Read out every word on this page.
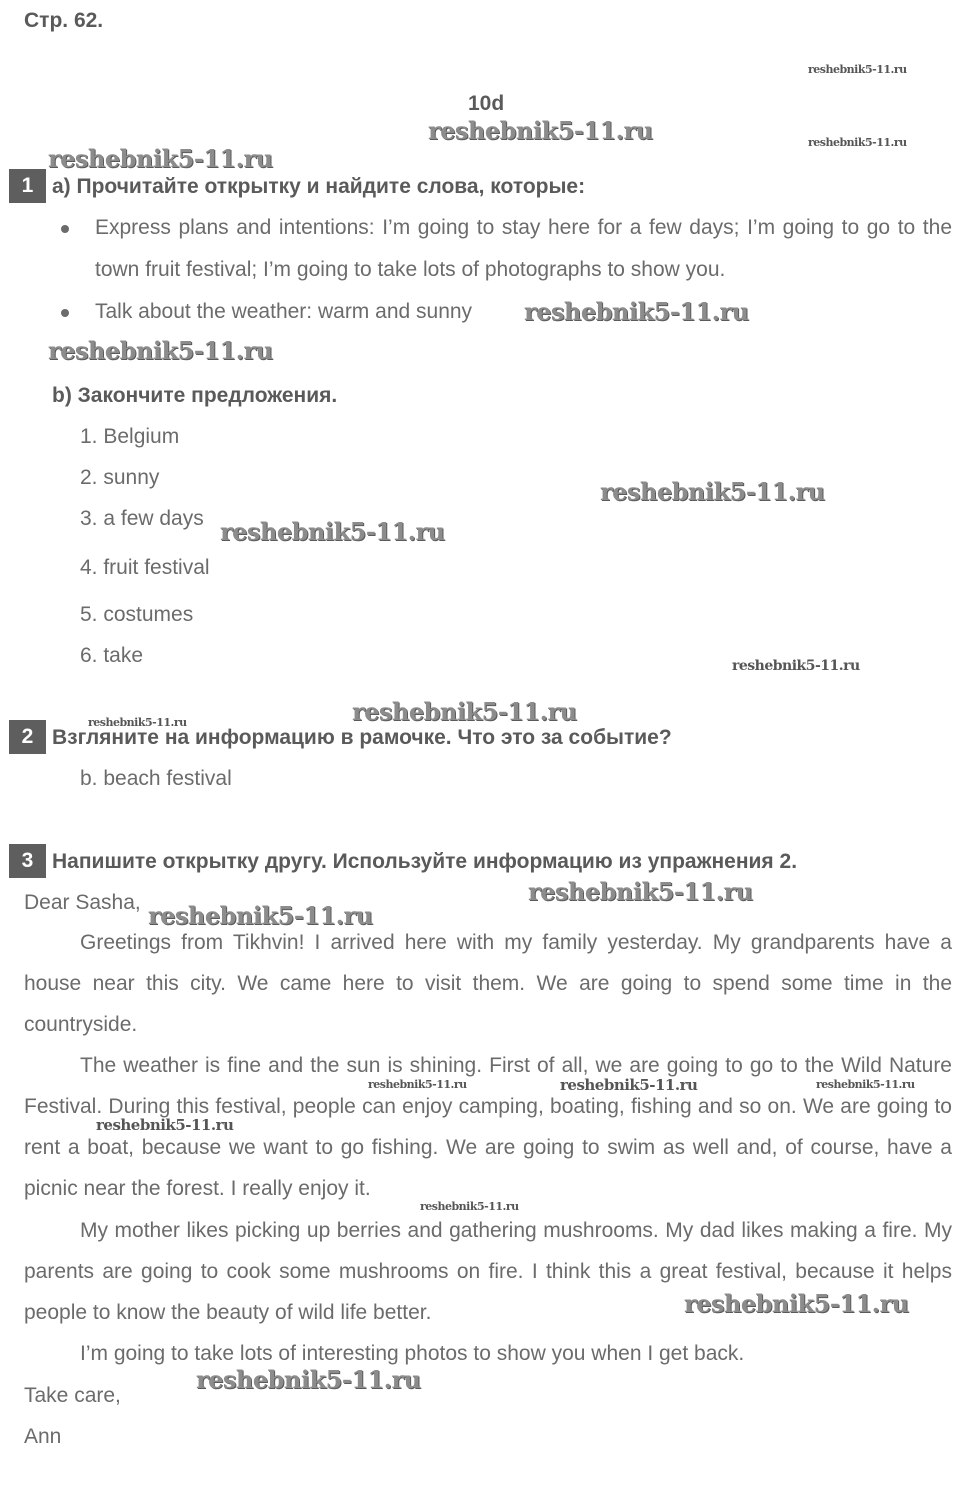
Стр. 62.
10d
1 a) Прочитайте открытку и найдите слова, которые:

Express plans and intentions: I’m going to stay here for a few days; I’m going to go to the town fruit festival; I’m going to take lots of photographs to show you.

Talk about the weather: warm and sunny

b) Закончите предложения.
1. Belgium
2. sunny
3. a few days
4. fruit festival
5. costumes
6. take
2 Взгляните на информацию в рамочке. Что это за событие?
b. beach festival
3 Напишите открытку другу. Используйте информацию из упражнения 2.
Dear Sasha,

Greetings from Tikhvin! I arrived here with my family yesterday. My grandparents have a house near this city. We came here to visit them. We are going to spend some time in the countryside.

The weather is fine and the sun is shining. First of all, we are going to go to the Wild Nature Festival. During this festival, people can enjoy camping, boating, fishing and so on. We are going to rent a boat, because we want to go fishing. We are going to swim as well and, of course, have a picnic near the forest. I really enjoy it.

My mother likes picking up berries and gathering mushrooms. My dad likes making a fire. My parents are going to cook some mushrooms on fire. I think this a great festival, because it helps people to know the beauty of wild life better.

I’m going to take lots of interesting photos to show you when I get back.

Take care,
Ann
reshebnik5-11.ru
reshebnik5-11.ru	reshebnik5-11.ru
reshebnik5-11.ru
reshebnik5-11.ru
reshebnik5-11.ru
reshebnik5-11.ru
reshebnik5-11.ru
reshebnik5-11.ru
reshebnik5-11.ru
reshebnik5-11.ru
reshebnik5-11.ru
reshebnik5-11.ru
reshebnik5-11.ru	reshebnik5-11.ru	reshebnik5-11.ru
reshebnik5-11.ru
reshebnik5-11.ru
reshebnik5-11.ru
reshebnik5-11.ru
